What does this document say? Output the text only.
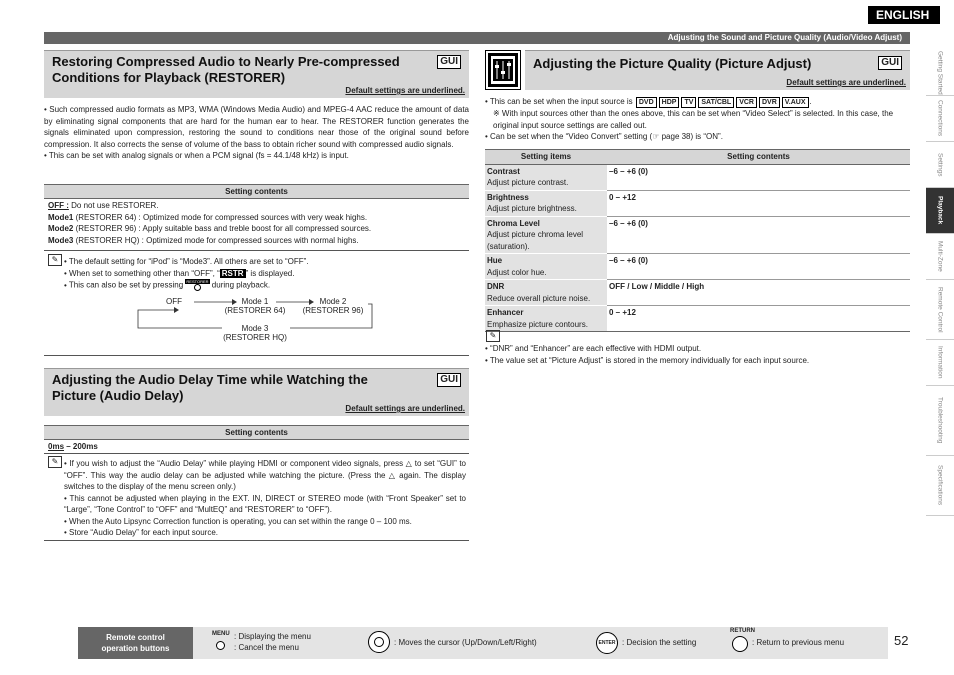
ENGLISH
Adjusting the Sound and Picture Quality (Audio/Video Adjust)
Restoring Compressed Audio to Nearly Pre-compressed
Conditions for Playback (RESTORER)
GUI
Default settings are underlined.
• Such compressed audio formats as MP3, WMA (Windows Media Audio) and MPEG-4 AAC reduce the amount of data by eliminating signal components that are hard for the human ear to hear. The RESTORER function generates the signals eliminated upon compression, restoring the sound to conditions near those of the original sound before compression. It also corrects the sense of volume of the bass to obtain richer sound with compressed audio signals.
• This can be set with analog signals or when a PCM signal (fs = 44.1/48 kHz) is input.
Setting contents

OFF : Do not use RESTORER.

Mode1 (RESTORER 64) : Optimized mode for compressed sources with very weak highs.

Mode2 (RESTORER 96) : Apply suitable bass and treble boost for all compressed sources.

Mode3 (RESTORER HQ) : Optimized mode for compressed sources with normal highs.

✎	• The default setting for “iPod” is “Mode3”. All others are set to “OFF”.
• When set to something other than “OFF”, “ RSTR ” is displayed.
• This can also be set by pressing RESTORER during playback.
OFF	Mode 1
(RESTORER 64)
Mode 2
(RESTORER 96)
Mode 3
(RESTORER HQ)
Adjusting the Audio Delay Time while Watching the
Picture (Audio Delay)
GUI
Default settings are underlined.
Setting contents
0ms – 200ms
✎	• If you wish to adjust the “Audio Delay” while playing HDMI or component video signals, press △ to set “GUI” to “OFF”. This way the audio delay can be adjusted while watching the picture. (Press the △ again. The display switches to the display of the menu screen only.)
• This cannot be adjusted when playing in the EXT. IN, DIRECT or STEREO mode (with “Front Speaker” set to “Large”, “Tone Control” to “OFF” and “MultEQ” and “RESTORER” to “OFF”).
• When the Auto Lipsync Correction function is operating, you can set within the range 0 – 100 ms.
• Store “Audio Delay” for each input source.
Adjusting the Picture Quality (Picture Adjust)	GUI
Default settings are underlined.
• This can be set when the input source is DVD HDP TV SAT/CBL VCR DVR V.AUX .

※ With input sources other than the ones above, this can be set when “Video Select” is selected. In this case, the original input source settings are called out.

• Can be set when the “Video Convert” setting (☞ page 38) is “ON”.
Setting items	Setting contents
Contrast
Adjust picture contrast.	–6 – +6 (0)
Brightness
Adjust picture brightness.	0 – +12
Chroma Level
Adjust picture chroma level (saturation).	–6 – +6 (0)
Hue
Adjust color hue.	–6 – +6 (0)
DNR
Reduce overall picture noise.	OFF / Low / Middle / High
Enhancer
Emphasize picture contours.	0 – +12
✎
• “DNR” and “Enhancer” are each effective with HDMI output.
• The value set at “Picture Adjust” is stored in the memory individually for each input source.
Getting Started
Connections
Settings
Playback
Multi-Zone
Remote Control
Information
Troubleshooting
Specifications
Remote control
operation buttons
MENU : Displaying the menu
: Cancel the menu
: Moves the cursor (Up/Down/Left/Right)	ENTER : Decision the setting
RETURN
: Return to previous menu	52
